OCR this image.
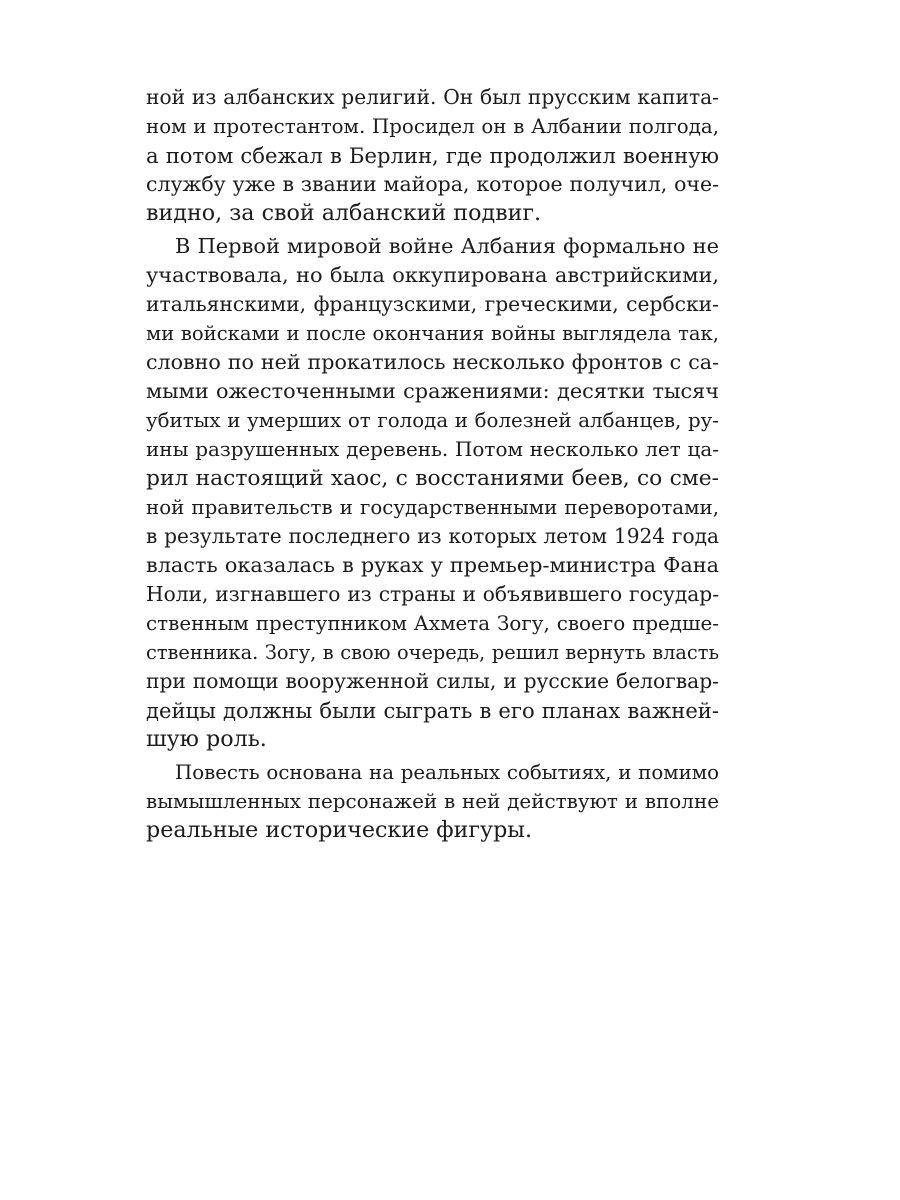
ной из албанских религий. Он был прусским капита-
ном и протестантом. Просидел он в Албании полгода,
а потом сбежал в Берлин, где продолжил военную
службу уже в звании майора, которое получил, оче-
видно, за свой албанский подвиг.
В Первой мировой войне Албания формально не
участвовала, но была оккупирована австрийскими,
итальянскими, французскими, греческими, сербски-
ми войсками и после окончания войны выглядела так,
словно по ней прокатилось несколько фронтов с са-
мыми ожесточенными сражениями: десятки тысяч
убитых и умерших от голода и болезней албанцев, ру-
ины разрушенных деревень. Потом несколько лет ца-
рил настоящий хаос, с восстаниями беев, со сме-
ной правительств и государственными переворотами,
в результате последнего из которых летом 1924 года
власть оказалась в руках у премьер-министра Фана
Ноли, изгнавшего из страны и объявившего государ-
ственным преступником Ахмета Зогу, своего предше-
ственника. Зогу, в свою очередь, решил вернуть власть
при помощи вооруженной силы, и русские белогвар-
дейцы должны были сыграть в его планах важней-
шую роль.
Повесть основана на реальных событиях, и помимо
вымышленных персонажей в ней действуют и вполне
реальные исторические фигуры.
